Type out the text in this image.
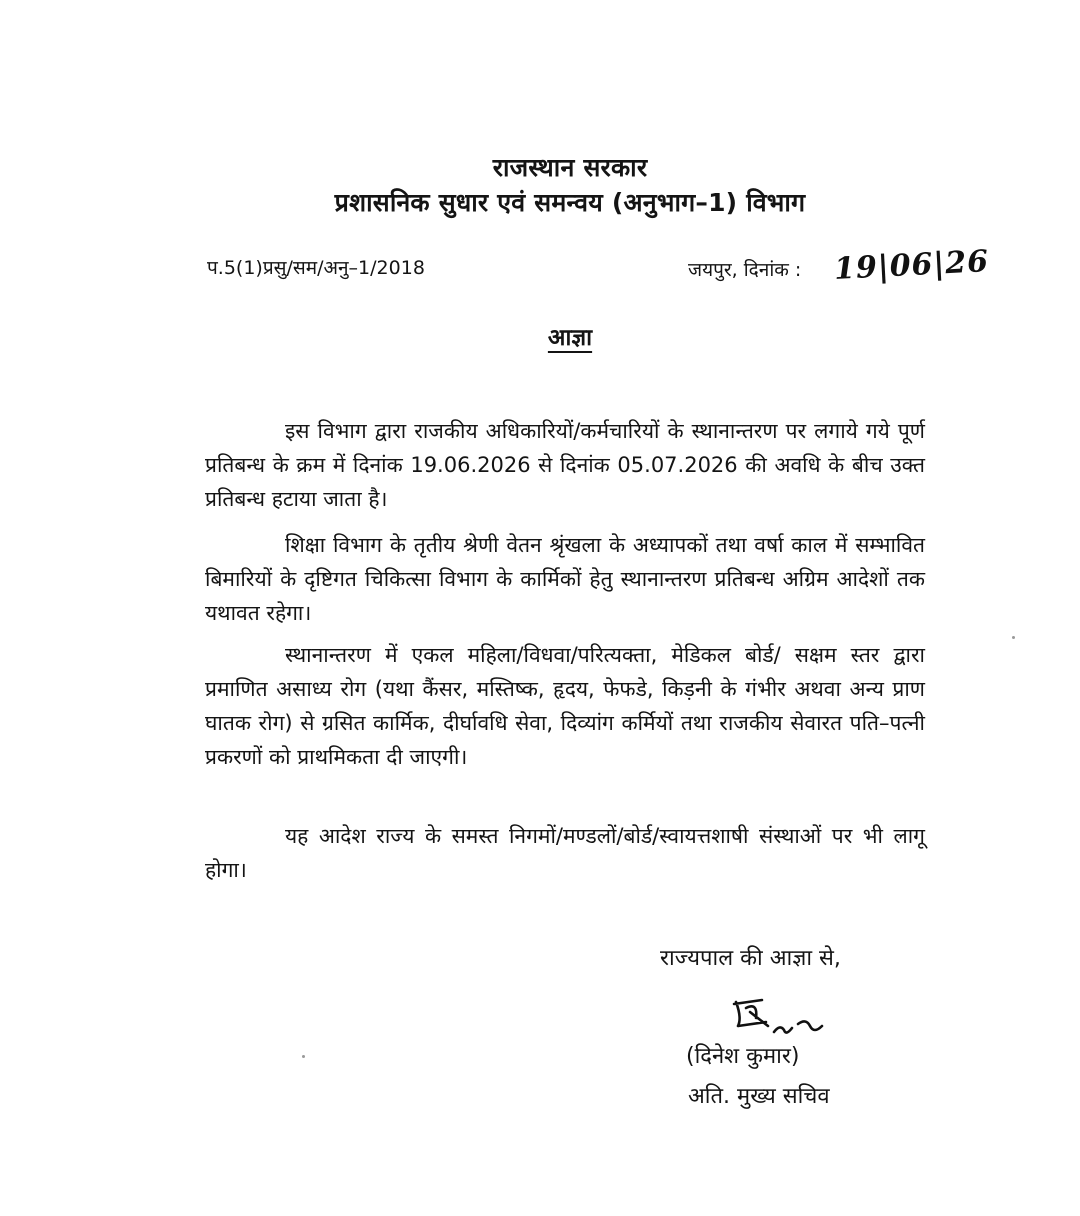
राजस्थान सरकार
प्रशासनिक सुधार एवं समन्वय (अनुभाग–1) विभाग
प.5(1)प्रसु/सम/अनु–1/2018	जयपुर, दिनांक : 19|06|26
आज्ञा

इस विभाग द्वारा राजकीय अधिकारियों/कर्मचारियों के स्थानान्तरण पर लगाये गये पूर्ण प्रतिबन्ध के क्रम में दिनांक 19.06.2026 से दिनांक 05.07.2026 की अवधि के बीच उक्त प्रतिबन्ध हटाया जाता है।

शिक्षा विभाग के तृतीय श्रेणी वेतन श्रृंखला के अध्यापकों तथा वर्षा काल में सम्भावित बिमारियों के दृष्टिगत चिकित्सा विभाग के कार्मिकों हेतु स्थानान्तरण प्रतिबन्ध अग्रिम आदेशों तक यथावत रहेगा।

स्थानान्तरण में एकल महिला/विधवा/परित्यक्ता, मेडिकल बोर्ड/ सक्षम स्तर द्वारा प्रमाणित असाध्य रोग (यथा कैंसर, मस्तिष्क, हृदय, फेफडे, किड़नी के गंभीर अथवा अन्य प्राण घातक रोग) से ग्रसित कार्मिक, दीर्घावधि सेवा, दिव्यांग कर्मियों तथा राजकीय सेवारत पति–पत्नी प्रकरणों को प्राथमिकता दी जाएगी।

यह आदेश राज्य के समस्त निगमों/मण्डलों/बोर्ड/स्वायत्तशाषी संस्थाओं पर भी लागू होगा।

राज्यपाल की आज्ञा से,
(दिनेश कुमार)
अति. मुख्य सचिव
